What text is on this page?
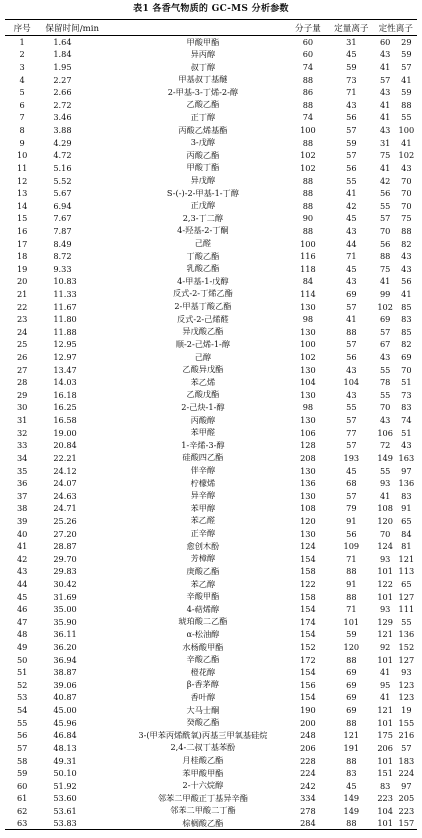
表1 各香气物质的 GC-MS 分析参数
序号	保留时间/min		分子量	定量离子	定性离子
1	1.64	甲酸甲酯	60	31	60 29
2	1.84	异丙醇	60	45	43 59
3	1.95	叔丁醇	74	59	41 57
4	2.27	甲基叔丁基醚	88	73	57 41
5	2.66	2-甲基-3-丁烯-2-醇	86	71	43 59
6	2.72	乙酸乙酯	88	43	41 88
7	3.46	正丁醇	74	56	41 55
8	3.88	丙酸乙烯基酯	100	57	43 100
9	4.29	3-戊醇	88	59	31 41
10	4.72	丙酸乙酯	102	57	75 102
11	5.16	甲酸丁酯	102	56	41 43
12	5.52	异戊醇	88	55	42 70
13	5.67	S-(-)-2-甲基-1-丁醇	88	41	56 70
14	6.94	正戊醇	88	42	55 70
15	7.67	2,3-丁二醇	90	45	57 75
16	7.87	4-羟基-2-丁酮	88	43	70 88
17	8.49	己醛	100	44	56 82
18	8.72	丁酸乙酯	116	71	88 43
19	9.33	乳酸乙酯	118	45	75 43
20	10.83	4-甲基-1-戊醇	84	43	41 56
21	11.33	反式-2-丁烯乙酯	114	69	99 41
22	11.67	2-甲基丁酸乙酯	130	57	102 85
23	11.80	反式-2-己烯醛	98	41	69 83
24	11.88	异戊酸乙酯	130	88	57 85
25	12.95	顺-2-己烯-1-醇	100	57	67 82
26	12.97	己醇	102	56	43 69
27	13.47	乙酸异戊酯	130	43	55 70
28	14.03	苯乙烯	104	104	78 51
29	16.18	乙酸戊酯	130	43	55 73
30	16.25	2-己炔-1-醇	98	55	70 83
31	16.58	丙酸醇	130	57	43 74
32	19.00	苯甲醛	106	77	106 51
33	20.84	1-辛烯-3-醇	128	57	72 43
34	22.21	硅酸四乙酯	208	193	149 163
35	24.12	伴辛醇	130	45	55 97
36	24.07	柠檬烯	136	68	93 136
37	24.63	异辛醇	130	57	41 83
38	24.71	苯甲醇	108	79	108 91
39	25.26	苯乙醛	120	91	120 65
40	27.20	正辛醇	130	56	70 84
41	28.87	愈创木酚	124	109	124 81
42	29.70	芳樟醇	154	71	93 121
43	29.83	庚酸乙酯	158	88	101 113
44	30.42	苯乙醇	122	91	122 65
45	31.69	辛酸甲酯	158	88	101 127
46	35.00	4-萜烯醇	154	71	93 111
47	35.90	琥珀酸二乙酯	174	101	129 55
48	36.11	α-松油醇	154	59	121 136
49	36.20	水杨酸甲酯	152	120	92 152
50	36.94	辛酸乙酯	172	88	101 127
51	38.87	橙花醇	154	69	41 93
52	39.06	β-香茅醇	156	69	95 123
53	40.87	香叶醇	154	69	41 123
54	45.00	大马士酮	190	69	121 19
55	45.96	癸酸乙酯	200	88	101 155
56	46.84	3-(甲苯丙烯酰氧)丙基三甲氧基硅烷	248	121	175 216
57	48.13	2,4-二叔丁基苯酚	206	191	206 57
58	49.31	月桂酸乙酯	228	88	101 183
59	50.10	苯甲酸甲酯	224	83	151 224
60	51.92	2-十六烷醇	242	45	83 97
61	53.60	邻苯二甲酸正丁基异辛酯	334	149	223 205
62	53.61	邻苯二甲酸二丁酯	278	149	104 223
63	53.83	棕榈酸乙酯	284	88	101 157
